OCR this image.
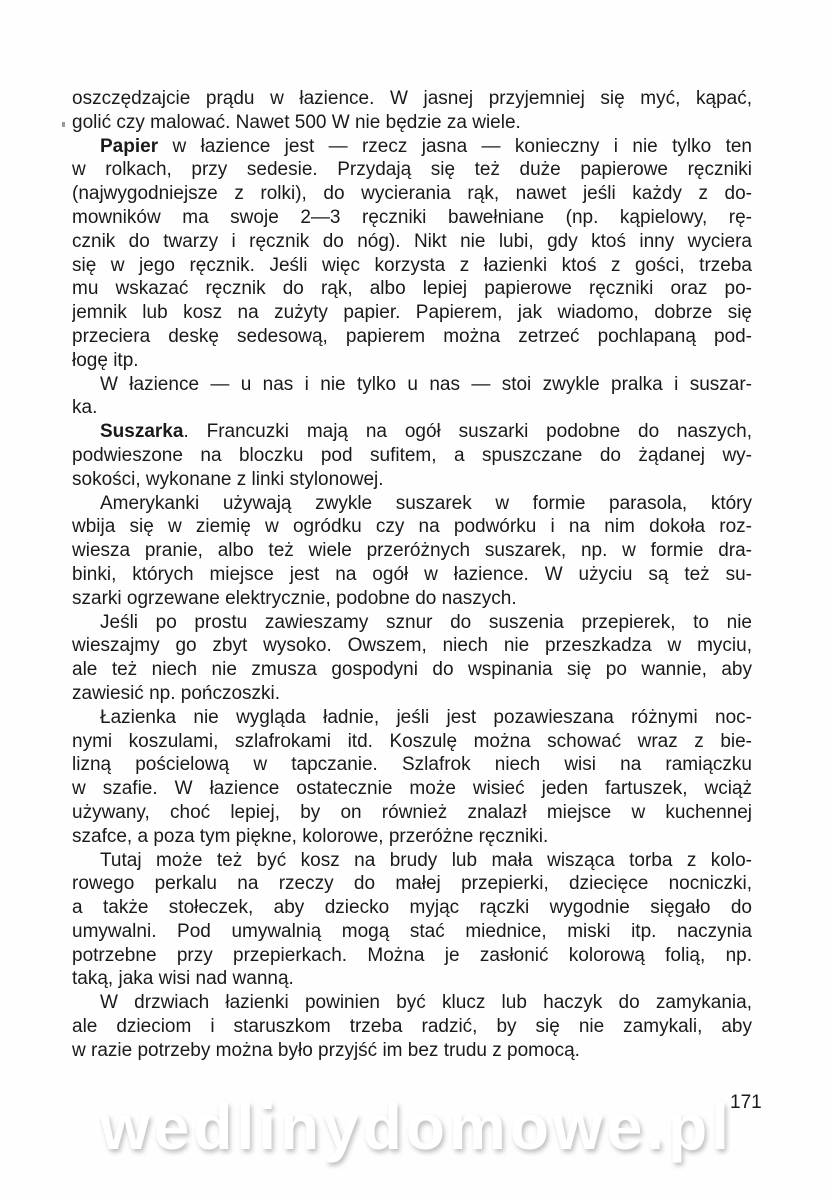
oszczędzajcie prądu w łazience. W jasnej przyjemniej się myć, kąpać,
golić czy malować. Nawet 500 W nie będzie za wiele.
Papier w łazience jest — rzecz jasna — konieczny i nie tylko ten
w rolkach, przy sedesie. Przydają się też duże papierowe ręczniki
(najwygodniejsze z rolki), do wycierania rąk, nawet jeśli każdy z do-
mowników ma swoje 2—3 ręczniki bawełniane (np. kąpielowy, rę-
cznik do twarzy i ręcznik do nóg). Nikt nie lubi, gdy ktoś inny wyciera
się w jego ręcznik. Jeśli więc korzysta z łazienki ktoś z gości, trzeba
mu wskazać ręcznik do rąk, albo lepiej papierowe ręczniki oraz po-
jemnik lub kosz na zużyty papier. Papierem, jak wiadomo, dobrze się
przeciera deskę sedesową, papierem można zetrzeć pochlapaną pod-
łogę itp.
W łazience — u nas i nie tylko u nas — stoi zwykle pralka i suszar-
ka.
Suszarka. Francuzki mają na ogół suszarki podobne do naszych,
podwieszone na bloczku pod sufitem, a spuszczane do żądanej wy-
sokości, wykonane z linki stylonowej.
Amerykanki używają zwykle suszarek w formie parasola, który
wbija się w ziemię w ogródku czy na podwórku i na nim dokoła roz-
wiesza pranie, albo też wiele przeróżnych suszarek, np. w formie dra-
binki, których miejsce jest na ogół w łazience. W użyciu są też su-
szarki ogrzewane elektrycznie, podobne do naszych.
Jeśli po prostu zawieszamy sznur do suszenia przepierek, to nie
wieszajmy go zbyt wysoko. Owszem, niech nie przeszkadza w myciu,
ale też niech nie zmusza gospodyni do wspinania się po wannie, aby
zawiesić np. pończoszki.
Łazienka nie wygląda ładnie, jeśli jest pozawieszana różnymi noc-
nymi koszulami, szlafrokami itd. Koszulę można schować wraz z bie-
lizną pościelową w tapczanie. Szlafrok niech wisi na ramiączku
w szafie. W łazience ostatecznie może wisieć jeden fartuszek, wciąż
używany, choć lepiej, by on również znalazł miejsce w kuchennej
szafce, a poza tym piękne, kolorowe, przeróżne ręczniki.
Tutaj może też być kosz na brudy lub mała wisząca torba z kolo-
rowego perkalu na rzeczy do małej przepierki, dziecięce nocniczki,
a także stołeczek, aby dziecko myjąc rączki wygodnie sięgało do
umywalni. Pod umywalnią mogą stać miednice, miski itp. naczynia
potrzebne przy przepierkach. Można je zasłonić kolorową folią, np.
taką, jaka wisi nad wanną.
W drzwiach łazienki powinien być klucz lub haczyk do zamykania,
ale dzieciom i staruszkom trzeba radzić, by się nie zamykali, aby
w razie potrzeby można było przyjść im bez trudu z pomocą.
wedlinydomowe.pl
171
